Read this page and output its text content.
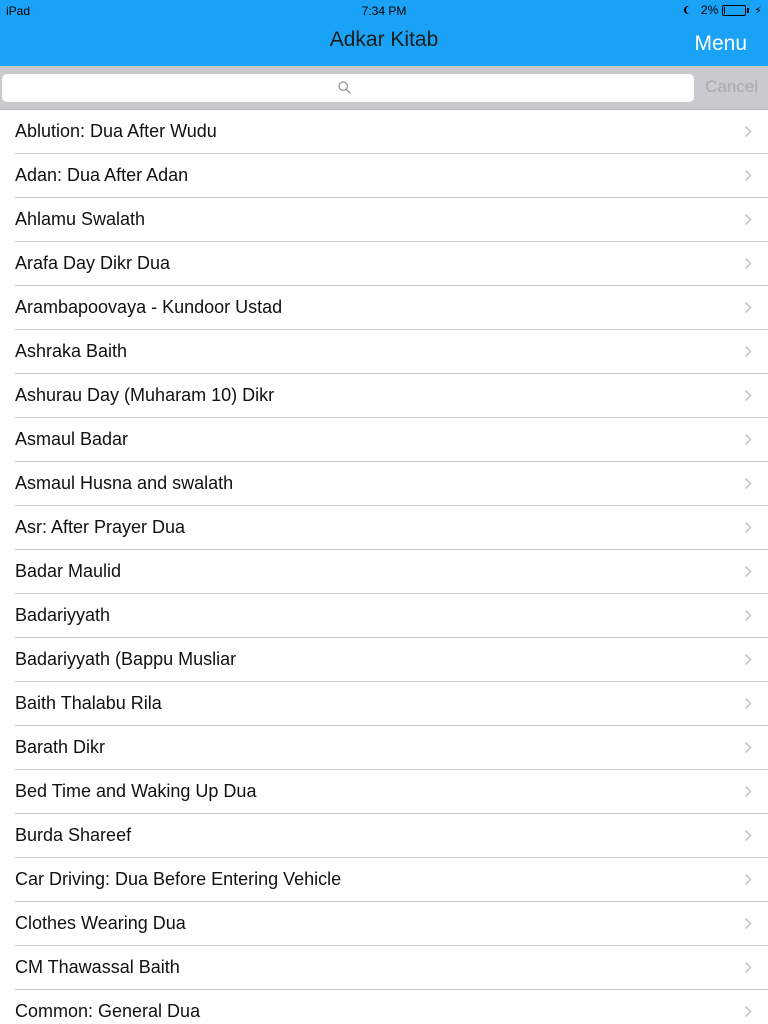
iPad	7:34 PM	2%	⚡
Adkar Kitab	Menu
Cancel
Ablution: Dua After Wudu
Adan: Dua After Adan
Ahlamu Swalath
Arafa Day Dikr Dua
Arambapoovaya - Kundoor Ustad
Ashraka Baith
Ashurau Day (Muharam 10) Dikr
Asmaul Badar
Asmaul Husna and swalath
Asr: After Prayer Dua
Badar Maulid
Badariyyath
Badariyyath (Bappu Musliar
Baith Thalabu Rila
Barath Dikr
Bed Time and Waking Up Dua
Burda Shareef
Car Driving: Dua Before Entering Vehicle
Clothes Wearing Dua
CM Thawassal Baith
Common: General Dua
